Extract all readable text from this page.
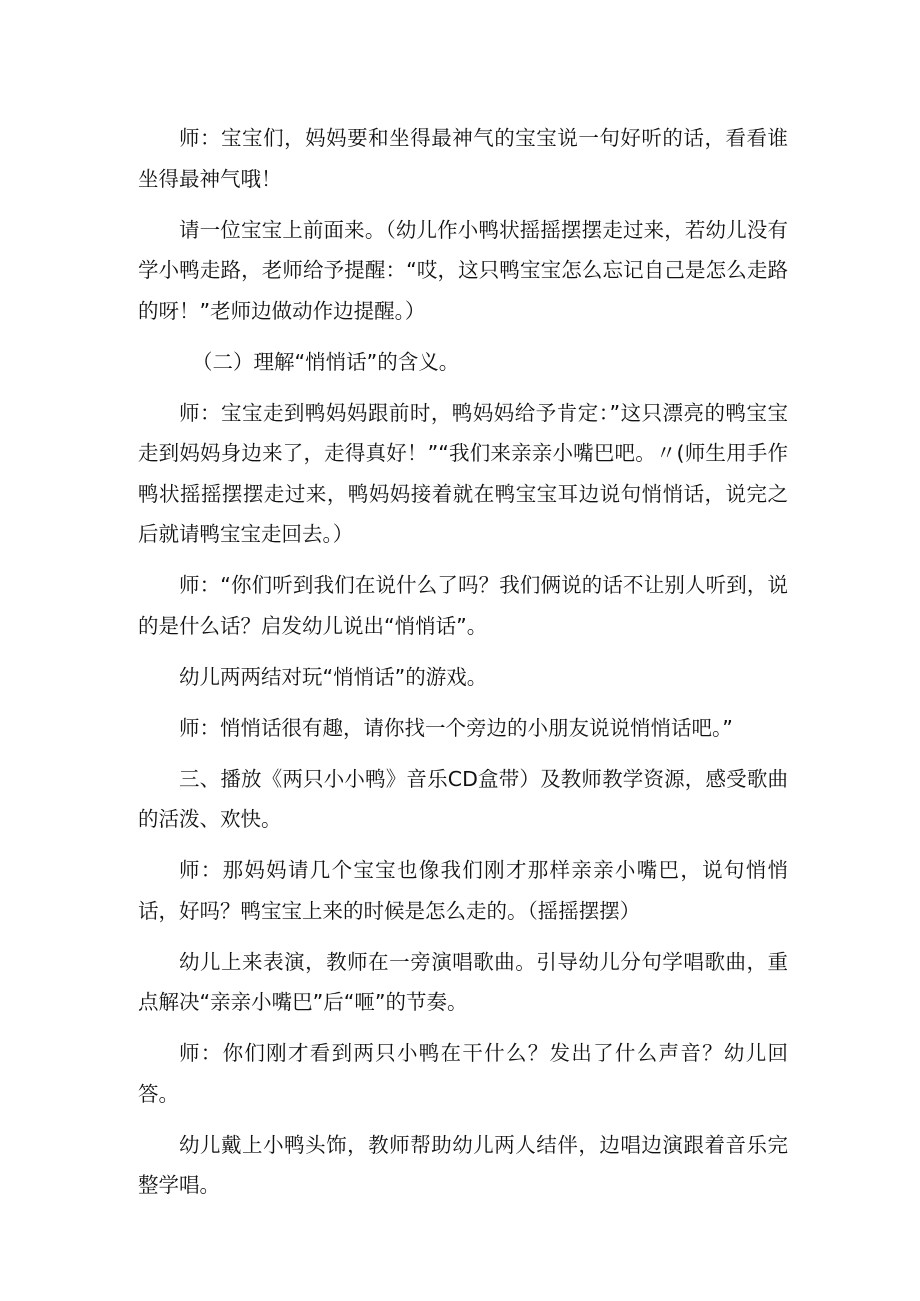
师：宝宝们，妈妈要和坐得最神气的宝宝说一句好听的话，看看谁坐得最神气哦！

请一位宝宝上前面来。（幼儿作小鸭状摇摇摆摆走过来，若幼儿没有学小鸭走路，老师给予提醒：“哎，这只鸭宝宝怎么忘记自己是怎么走路的呀！”老师边做动作边提醒。）

（二）理解“悄悄话”的含义。

师：宝宝走到鸭妈妈跟前时，鸭妈妈给予肯定：”这只漂亮的鸭宝宝走到妈妈身边来了，走得真好！”“我们来亲亲小嘴巴吧。〃(师生用手作鸭状摇摇摆摆走过来，鸭妈妈接着就在鸭宝宝耳边说句悄悄话，说完之后就请鸭宝宝走回去。）

师：“你们听到我们在说什么了吗？我们俩说的话不让别人听到，说的是什么话？启发幼儿说出“悄悄话”。

幼儿两两结对玩“悄悄话”的游戏。

师：悄悄话很有趣，请你找一个旁边的小朋友说说悄悄话吧。”

三、播放《两只小小鸭》音乐CD盒带）及教师教学资源，感受歌曲的活泼、欢快。

师：那妈妈请几个宝宝也像我们刚才那样亲亲小嘴巴，说句悄悄话，好吗？鸭宝宝上来的时候是怎么走的。（摇摇摆摆）

幼儿上来表演，教师在一旁演唱歌曲。引导幼儿分句学唱歌曲，重点解决“亲亲小嘴巴”后“咂”的节奏。

师：你们刚才看到两只小鸭在干什么？发出了什么声音？幼儿回答。

幼儿戴上小鸭头饰，教师帮助幼儿两人结伴，边唱边演跟着音乐完整学唱。
